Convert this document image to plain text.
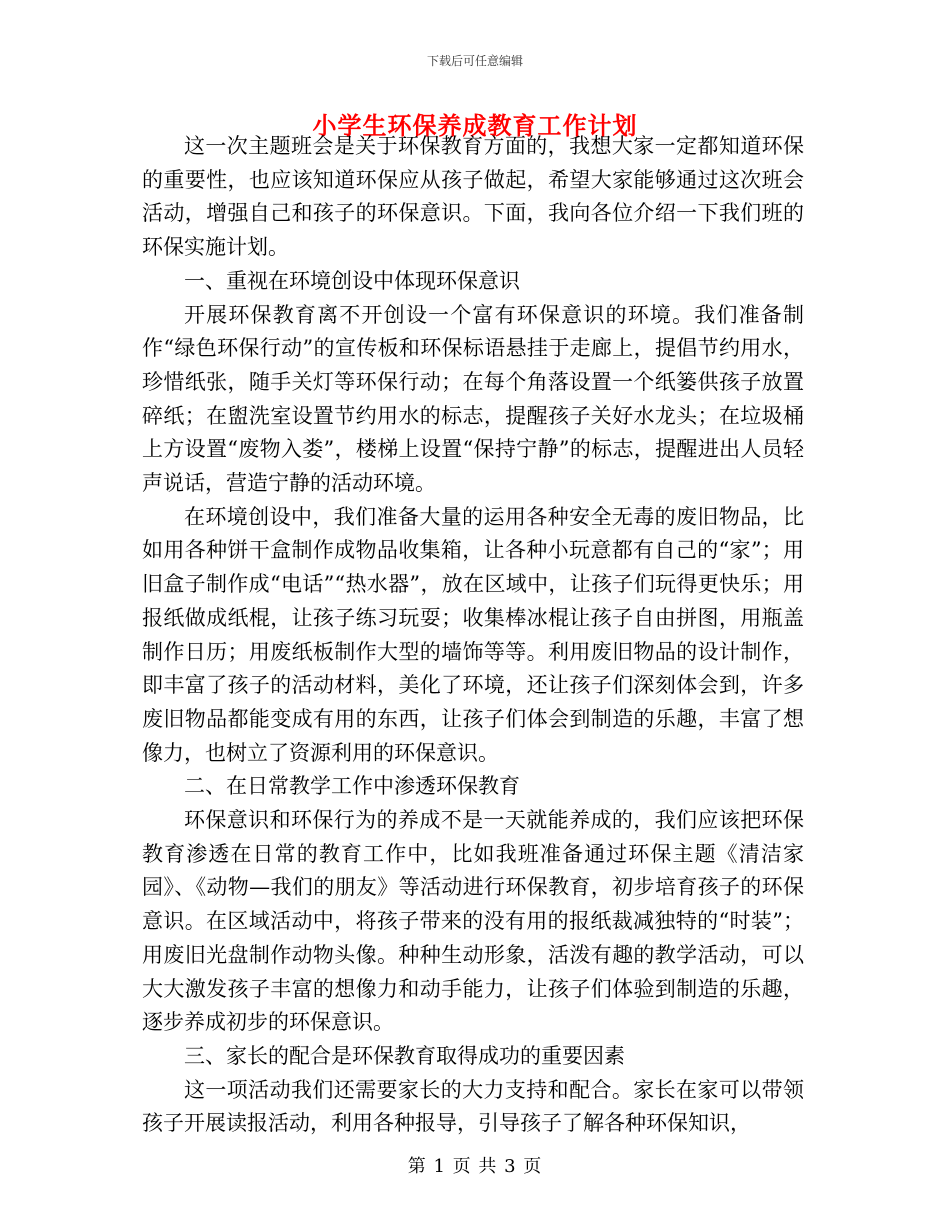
下载后可任意编辑
小学生环保养成教育工作计划

这一次主题班会是关于环保教育方面的，我想大家一定都知道环保的重要性，也应该知道环保应从孩子做起，希望大家能够通过这次班会活动，增强自己和孩子的环保意识。下面，我向各位介绍一下我们班的环保实施计划。

一、重视在环境创设中体现环保意识

开展环保教育离不开创设一个富有环保意识的环境。我们准备制作“绿色环保行动”的宣传板和环保标语悬挂于走廊上，提倡节约用水，珍惜纸张，随手关灯等环保行动；在每个角落设置一个纸篓供孩子放置碎纸；在盥洗室设置节约用水的标志，提醒孩子关好水龙头；在垃圾桶上方设置“废物入娄”，楼梯上设置“保持宁静”的标志，提醒进出人员轻声说话，营造宁静的活动环境。

在环境创设中，我们准备大量的运用各种安全无毒的废旧物品，比如用各种饼干盒制作成物品收集箱，让各种小玩意都有自己的“家”；用旧盒子制作成“电话”“热水器”，放在区域中，让孩子们玩得更快乐；用报纸做成纸棍，让孩子练习玩耍；收集棒冰棍让孩子自由拼图，用瓶盖制作日历；用废纸板制作大型的墙饰等等。利用废旧物品的设计制作，即丰富了孩子的活动材料，美化了环境，还让孩子们深刻体会到，许多废旧物品都能变成有用的东西，让孩子们体会到制造的乐趣，丰富了想像力，也树立了资源利用的环保意识。

二、在日常教学工作中渗透环保教育

环保意识和环保行为的养成不是一天就能养成的，我们应该把环保教育渗透在日常的教育工作中，比如我班准备通过环保主题《清洁家园》、《动物—我们的朋友》等活动进行环保教育，初步培育孩子的环保意识。在区域活动中，将孩子带来的没有用的报纸裁减独特的“时装”；用废旧光盘制作动物头像。种种生动形象，活泼有趣的教学活动，可以大大激发孩子丰富的想像力和动手能力，让孩子们体验到制造的乐趣，逐步养成初步的环保意识。

三、家长的配合是环保教育取得成功的重要因素

这一项活动我们还需要家长的大力支持和配合。家长在家可以带领孩子开展读报活动，利用各种报导，引导孩子了解各种环保知识，

第 1 页 共 3 页
